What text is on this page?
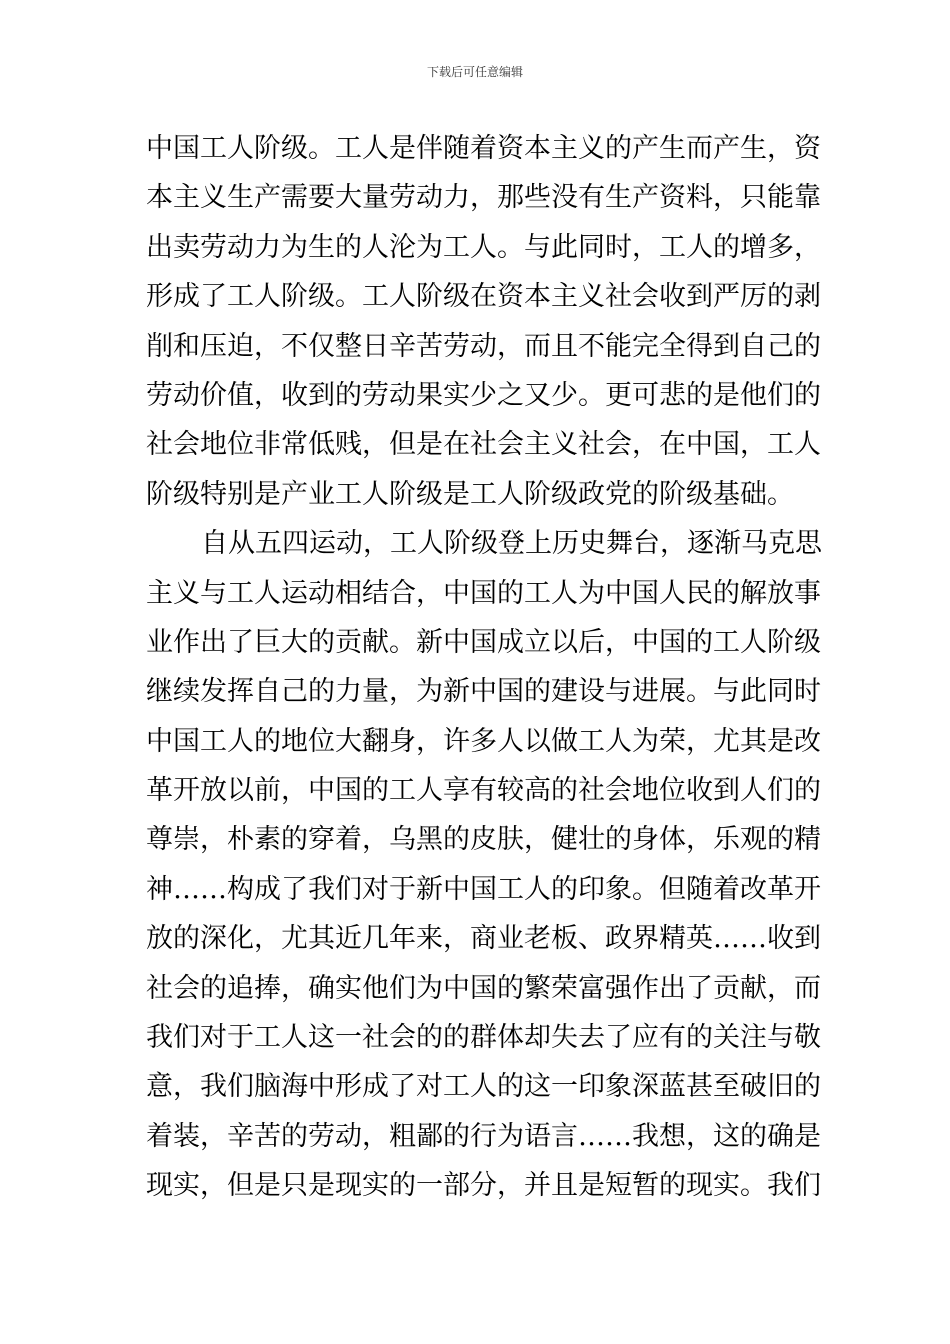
下载后可任意编辑
中国工人阶级。工人是伴随着资本主义的产生而产生，资
本主义生产需要大量劳动力，那些没有生产资料，只能靠
出卖劳动力为生的人沦为工人。与此同时，工人的增多，
形成了工人阶级。工人阶级在资本主义社会收到严厉的剥
削和压迫，不仅整日辛苦劳动，而且不能完全得到自己的
劳动价值，收到的劳动果实少之又少。更可悲的是他们的
社会地位非常低贱，但是在社会主义社会，在中国，工人
阶级特别是产业工人阶级是工人阶级政党的阶级基础。
自从五四运动，工人阶级登上历史舞台，逐渐马克思
主义与工人运动相结合，中国的工人为中国人民的解放事
业作出了巨大的贡献。新中国成立以后，中国的工人阶级
继续发挥自己的力量，为新中国的建设与进展。与此同时
中国工人的地位大翻身，许多人以做工人为荣，尤其是改
革开放以前，中国的工人享有较高的社会地位收到人们的
尊崇，朴素的穿着，乌黑的皮肤，健壮的身体，乐观的精
神……构成了我们对于新中国工人的印象。但随着改革开
放的深化，尤其近几年来，商业老板、政界精英……收到
社会的追捧，确实他们为中国的繁荣富强作出了贡献，而
我们对于工人这一社会的的群体却失去了应有的关注与敬
意，我们脑海中形成了对工人的这一印象深蓝甚至破旧的
着装，辛苦的劳动，粗鄙的行为语言……我想，这的确是
现实，但是只是现实的一部分，并且是短暂的现实。我们
